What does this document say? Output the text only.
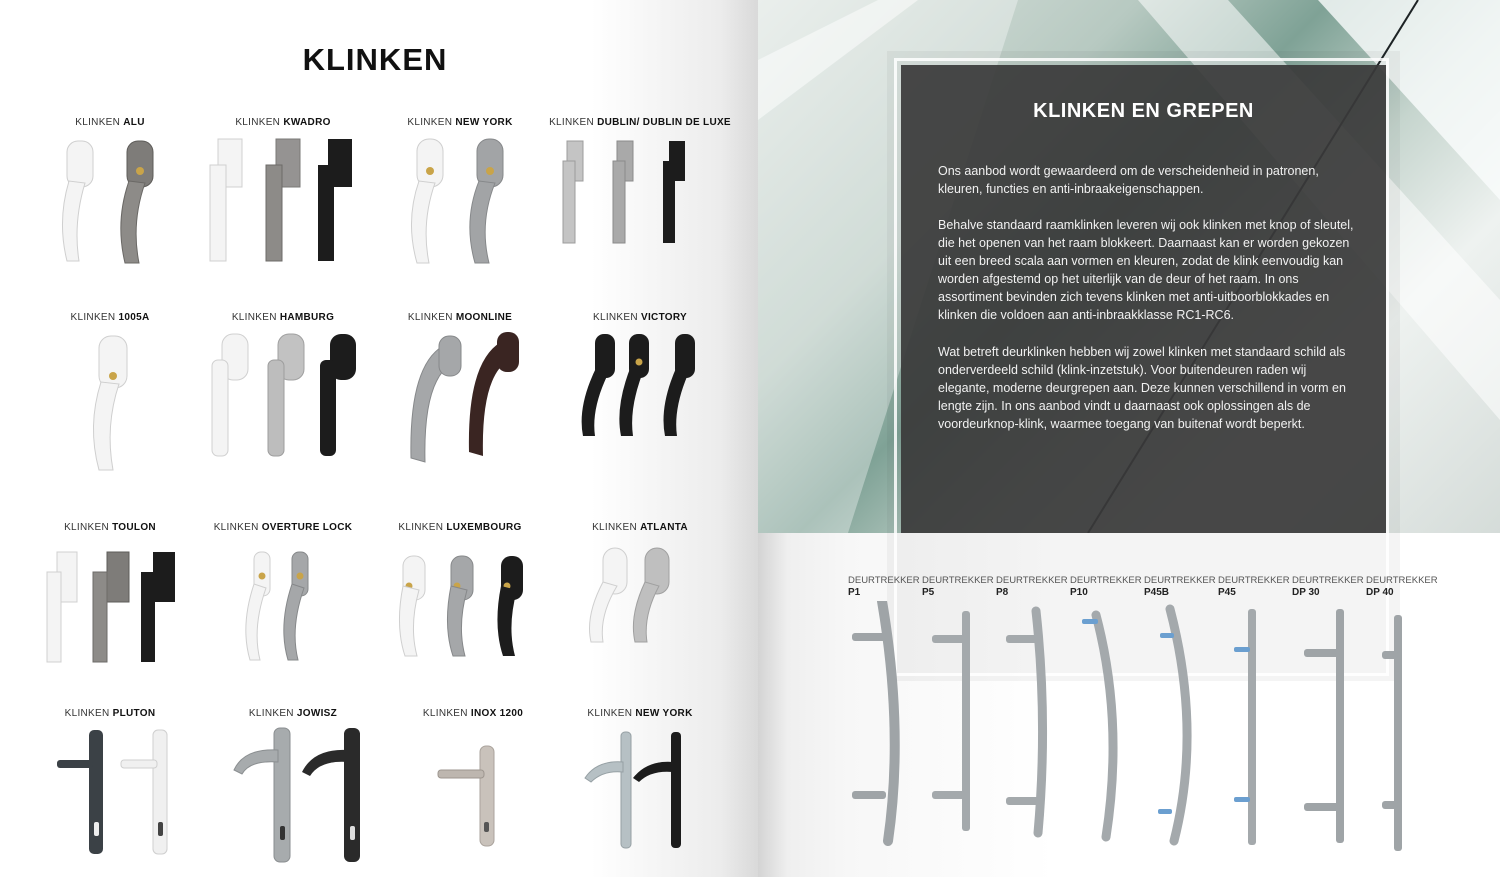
KLINKEN
KLINKEN ALU	KLINKEN KWADRO	KLINKEN NEW YORK	KLINKEN DUBLIN/ DUBLIN DE LUXE
KLINKEN 1005A	KLINKEN HAMBURG	KLINKEN MOONLINE	KLINKEN VICTORY
KLINKEN TOULON	KLINKEN OVERTURE LOCK	KLINKEN LUXEMBOURG	KLINKEN ATLANTA
KLINKEN PLUTON	KLINKEN JOWISZ	KLINKEN INOX 1200	KLINKEN NEW YORK
KLINKEN EN GREPEN
Ons aanbod wordt gewaardeerd om de verscheidenheid in patronen, kleuren, functies en anti-inbraakeigenschappen.
Behalve standaard raamklinken leveren wij ook klinken met knop of sleutel, die het openen van het raam blokkeert. Daarnaast kan er worden gekozen uit een breed scala aan vormen en kleuren, zodat de klink eenvoudig kan worden afgestemd op het uiterlijk van de deur of het raam. In ons assortiment bevinden zich tevens klinken met anti-uitboorblokkades en klinken die voldoen aan anti-inbraakklasse RC1-RC6.
Wat betreft deurklinken hebben wij zowel klinken met standaard schild als onderverdeeld schild (klink-inzetstuk). Voor buitendeuren raden wij elegante, moderne deurgrepen aan. Deze kunnen verschillend in vorm en lengte zijn. In ons aanbod vindt u daarnaast ook oplossingen als de voordeurknop-klink, waarmee toegang van buitenaf wordt beperkt.
DEURTREKKER
P1
DEURTREKKER
P5
DEURTREKKER
P8
DEURTREKKER
P10
DEURTREKKER
P45B
DEURTREKKER
P45
DEURTREKKER
DP 30
DEURTREKKER
DP 40
